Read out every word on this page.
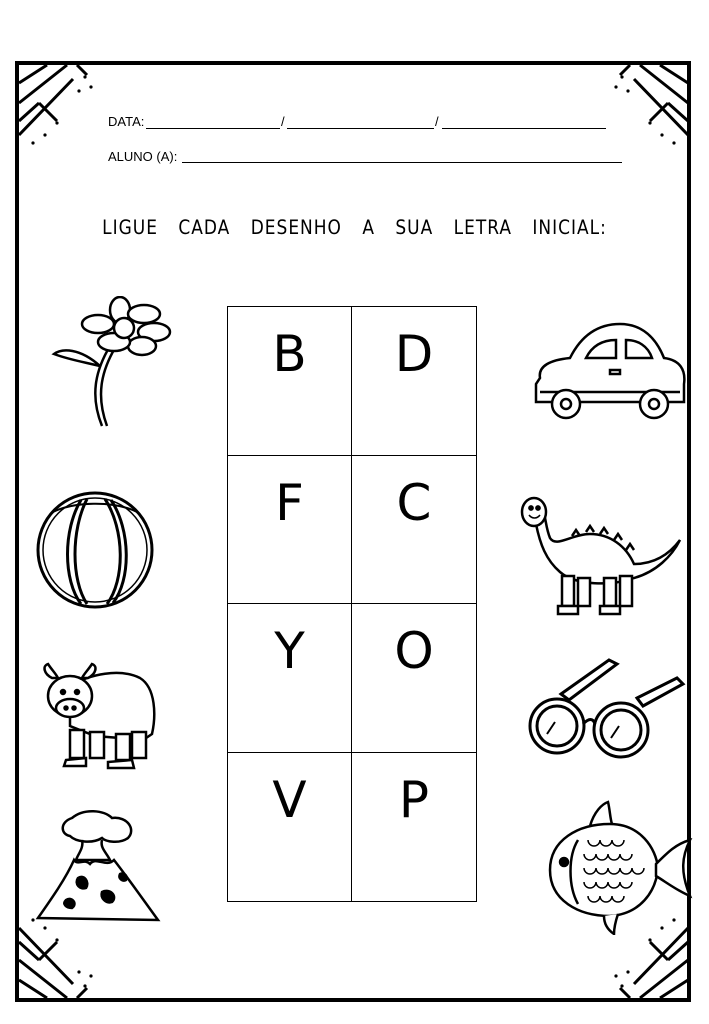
DATA:	/	/
ALUNO (A):
LIGUE CADA DESENHO A SUA LETRA INICIAL:
B	D
F	C
Y	O
V	P
